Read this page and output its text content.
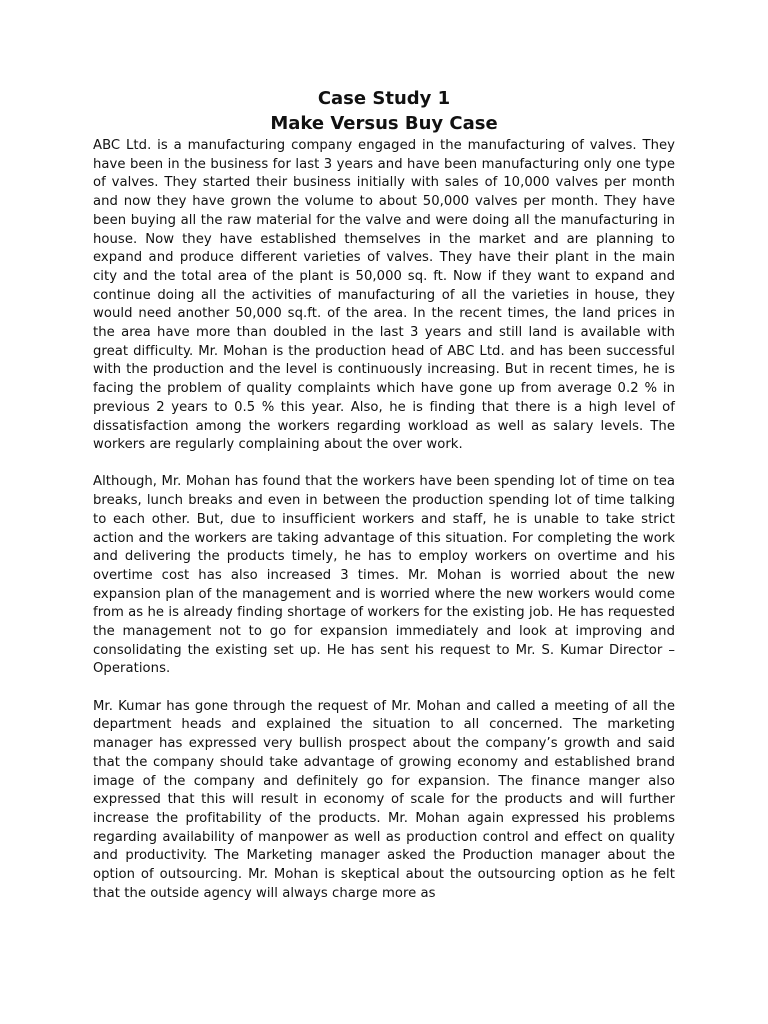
Case Study 1
Make Versus Buy Case

ABC Ltd. is a manufacturing company engaged in the manufacturing of valves. They have been in the business for last 3 years and have been manufacturing only one type of valves. They started their business initially with sales of 10,000 valves per month and now they have grown the volume to about 50,000 valves per month. They have been buying all the raw material for the valve and were doing all the manufacturing in house. Now they have established themselves in the market and are planning to expand and produce different varieties of valves. They have their plant in the main city and the total area of the plant is 50,000 sq. ft. Now if they want to expand and continue doing all the activities of manufacturing of all the varieties in house, they would need another 50,000 sq.ft. of the area. In the recent times, the land prices in the area have more than doubled in the last 3 years and still land is available with great difficulty. Mr. Mohan is the production head of ABC Ltd. and has been successful with the production and the level is continuously increasing. But in recent times, he is facing the problem of quality complaints which have gone up from average 0.2 % in previous 2 years to 0.5 % this year. Also, he is finding that there is a high level of dissatisfaction among the workers regarding workload as well as salary levels. The workers are regularly complaining about the over work.

Although, Mr. Mohan has found that the workers have been spending lot of time on tea breaks, lunch breaks and even in between the production spending lot of time talking to each other. But, due to insufficient workers and staff, he is unable to take strict action and the workers are taking advantage of this situation. For completing the work and delivering the products timely, he has to employ workers on overtime and his overtime cost has also increased 3 times. Mr. Mohan is worried about the new expansion plan of the management and is worried where the new workers would come from as he is already finding shortage of workers for the existing job. He has requested the management not to go for expansion immediately and look at improving and consolidating the existing set up. He has sent his request to Mr. S. Kumar Director – Operations.

Mr. Kumar has gone through the request of Mr. Mohan and called a meeting of all the department heads and explained the situation to all concerned. The marketing manager has expressed very bullish prospect about the company’s growth and said that the company should take advantage of growing economy and established brand image of the company and definitely go for expansion. The finance manger also expressed that this will result in economy of scale for the products and will further increase the profitability of the products. Mr. Mohan again expressed his problems regarding availability of manpower as well as production control and effect on quality and productivity. The Marketing manager asked the Production manager about the option of outsourcing. Mr. Mohan is skeptical about the outsourcing option as he felt that the outside agency will always charge more as
